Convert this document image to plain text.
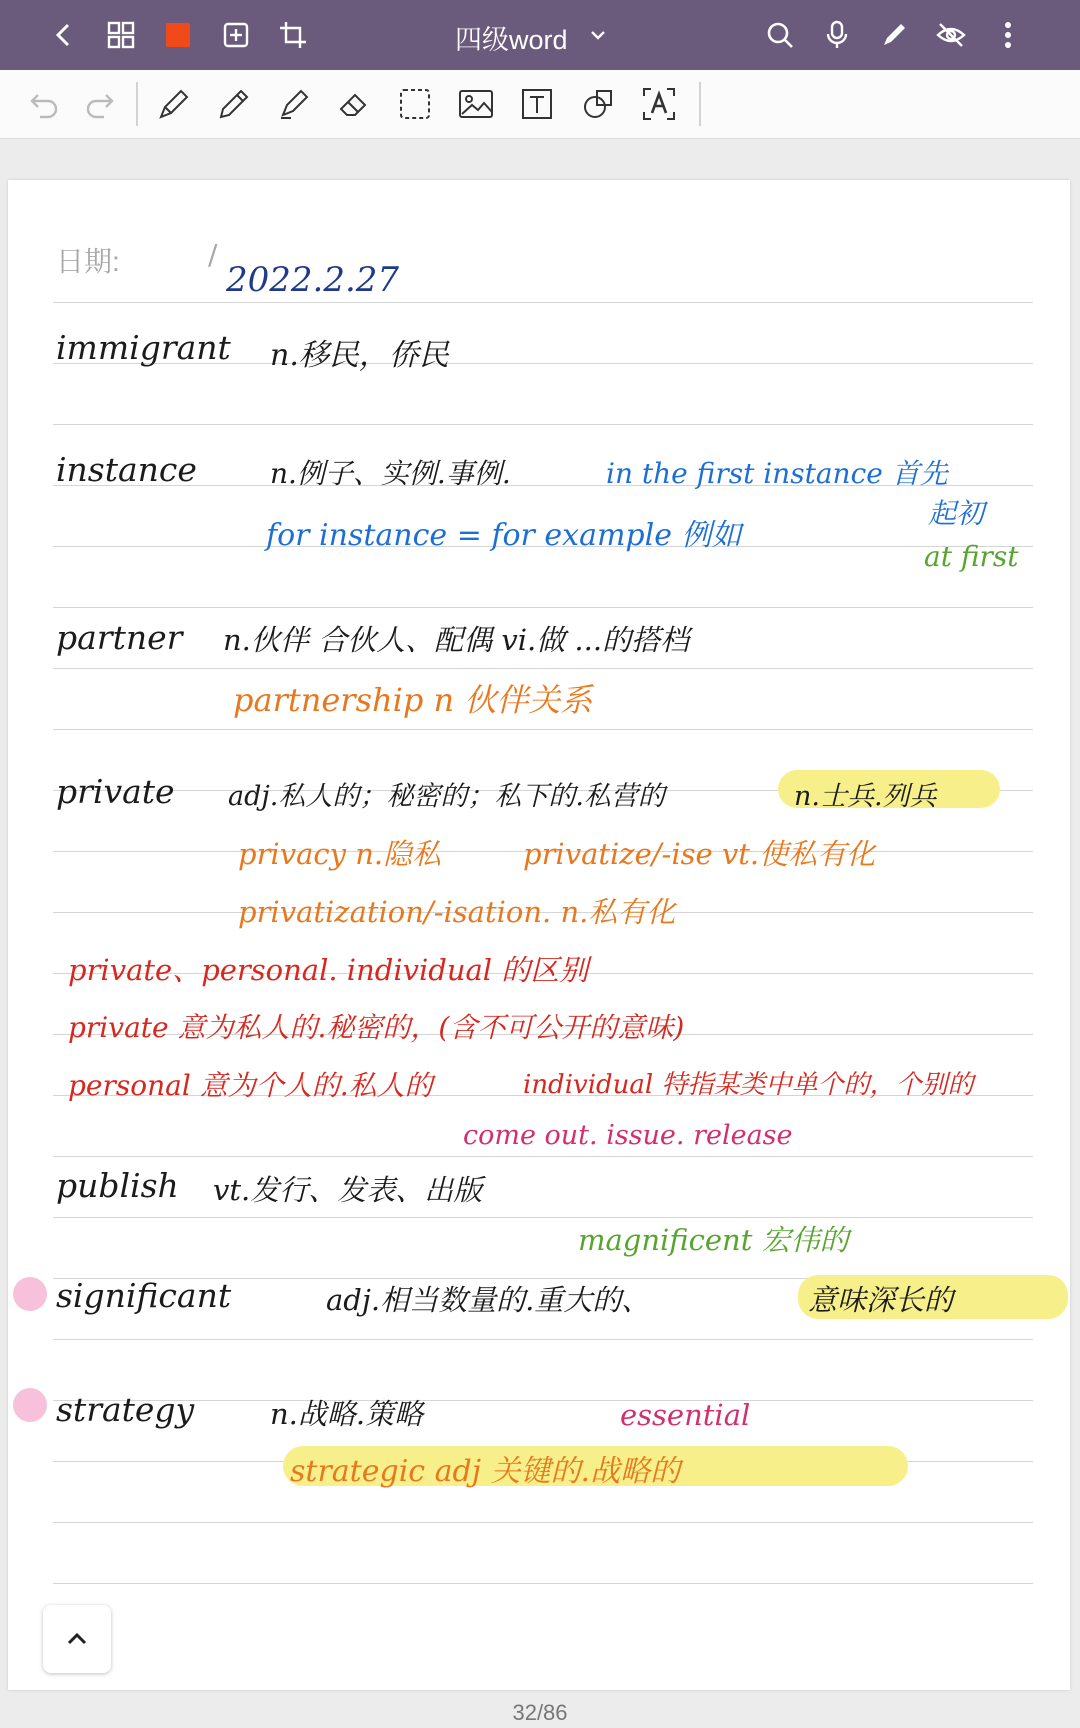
四级word
日期:	/
2022.2.27
immigrant n.移民，侨民
instance	n.例子、实例.事例.	in the first instance 首先
起初
for instance = for example 例如
at first
partner n.伙伴 合伙人、配偶 vi.做 ...的搭档
partnership n 伙伴关系
private adj.私人的；秘密的；私下的.私营的	n.士兵.列兵
privacy n.隐私	privatize/-ise vt.使私有化
privatization/-isation. n.私有化
private、personal. individual 的区别
private 意为私人的.秘密的，(含不可公开的意味)
personal 意为个人的.私人的	individual 特指某类中单个的，个别的
come out. issue. release
publish vt.发行、发表、出版
magnificent 宏伟的
significant	adj.相当数量的.重大的、	意味深长的
strategy	n.战略.策略	essential
strategic adj 关键的.战略的
32/86
